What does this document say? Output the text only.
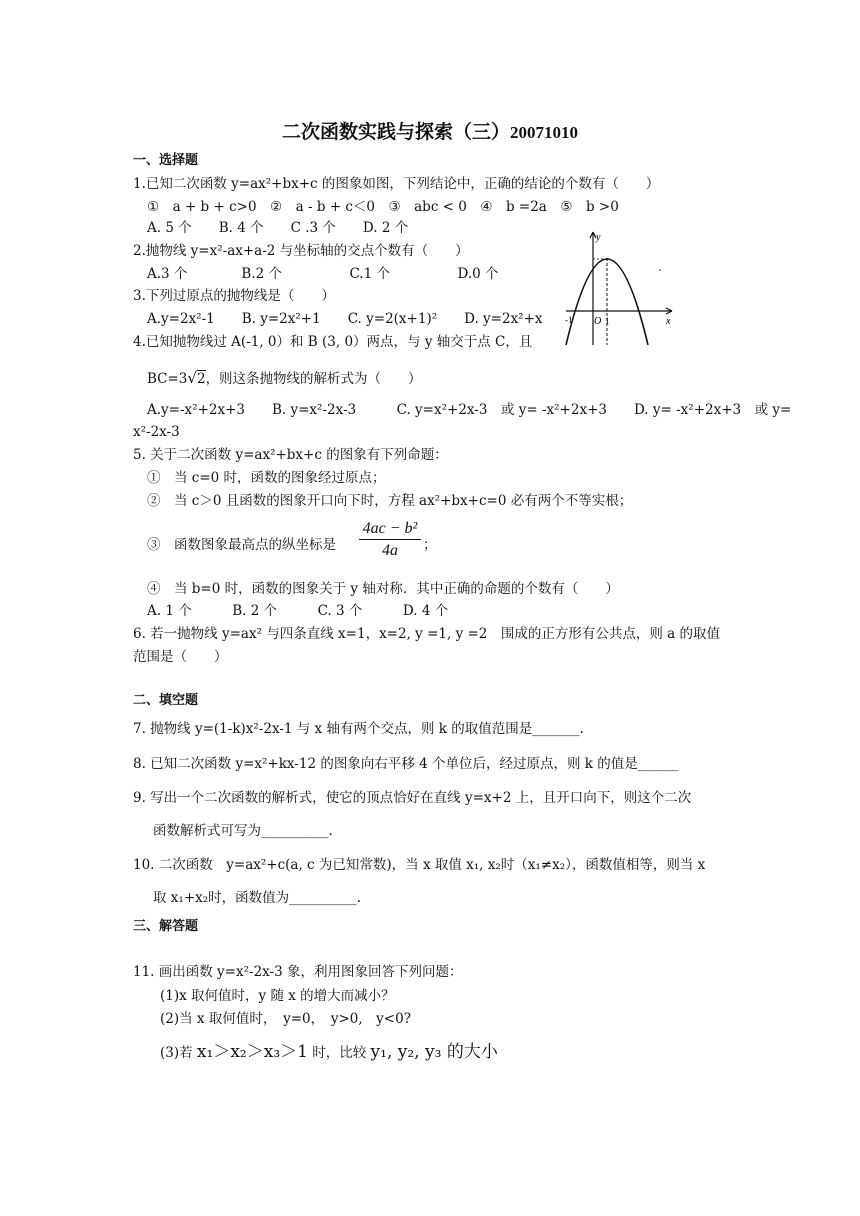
二次函数实践与探索（三）20071010
一、选择题
1.已知二次函数 y=ax²+bx+c 的图象如图，下列结论中，正确的结论的个数有（　　）
①　a + b + c>0　②　a - b + c＜0　③　abc < 0　④　b =2a　⑤　b >0
A. 5 个　　B. 4 个　　C .3 个　　D. 2 个
2.抛物线 y=x²-ax+a-2 与坐标轴的交点个数有（　　）
A.3 个　　　　B.2 个　　　　　C.1 个　　　　　D.0 个
3.下列过原点的抛物线是（　　）
A.y=2x²-1　　B. y=2x²+1　　C. y=2(x+1)²　　D. y=2x²+x
4.已知抛物线过 A(-1, 0）和 B (3, 0）两点，与 y 轴交于点 C，且
BC=3√2，则这条抛物线的解析式为（　　）
A.y=-x²+2x+3　　B. y=x²-2x-3　　　C. y=x²+2x-3　或 y= -x²+2x+3　　D. y= -x²+2x+3　或 y=
x²-2x-3
5. 关于二次函数 y=ax²+bx+c 的图象有下列命题：
①　当 c=0 时，函数的图象经过原点；
②　当 c＞0 且函数的图象开口向下时，方程 ax²+bx+c=0 必有两个不等实根；
③　函数图象最高点的纵坐标是 $\frac{\text{4ac − b²}}{4a}$ ；
④　当 b=0 时，函数的图象关于 y 轴对称．其中正确的命题的个数有（　　）
A. 1 个　　　B. 2 个　　　C. 3 个　　　D. 4 个
6. 若一抛物线 y=ax² 与四条直线 x=1，x=2, y =1, y =2　围成的正方形有公共点，则 a 的取值
范围是（　　）
二、填空题
7. 抛物线 y=(1-k)x²-2x-1 与 x 轴有两个交点，则 k 的取值范围是_______.
8. 已知二次函数 y=x²+kx-12 的图象向右平移 4 个单位后，经过原点，则 k 的值是______
9. 写出一个二次函数的解析式，使它的顶点恰好在直线 y=x+2 上，且开口向下，则这个二次
函数解析式可写为__________.
10. 二次函数　y=ax²+c(a, c 为已知常数)，当 x 取值 x₁, x₂时（x₁≠x₂），函数值相等，则当 x
取 x₁+x₂时，函数值为__________.
三、解答题
11. 画出函数 y=x²-2x-3 象，利用图象回答下列问题：
(1)x 取何值时，y 随 x 的增大而减小？
(2)当 x 取何值时，　y=0，　y>0,　y<0?
(3)若 x₁＞x₂＞x₃＞1 时，比较 y₁, y₂, y₃ 的大小
y
x
O
-1	1
